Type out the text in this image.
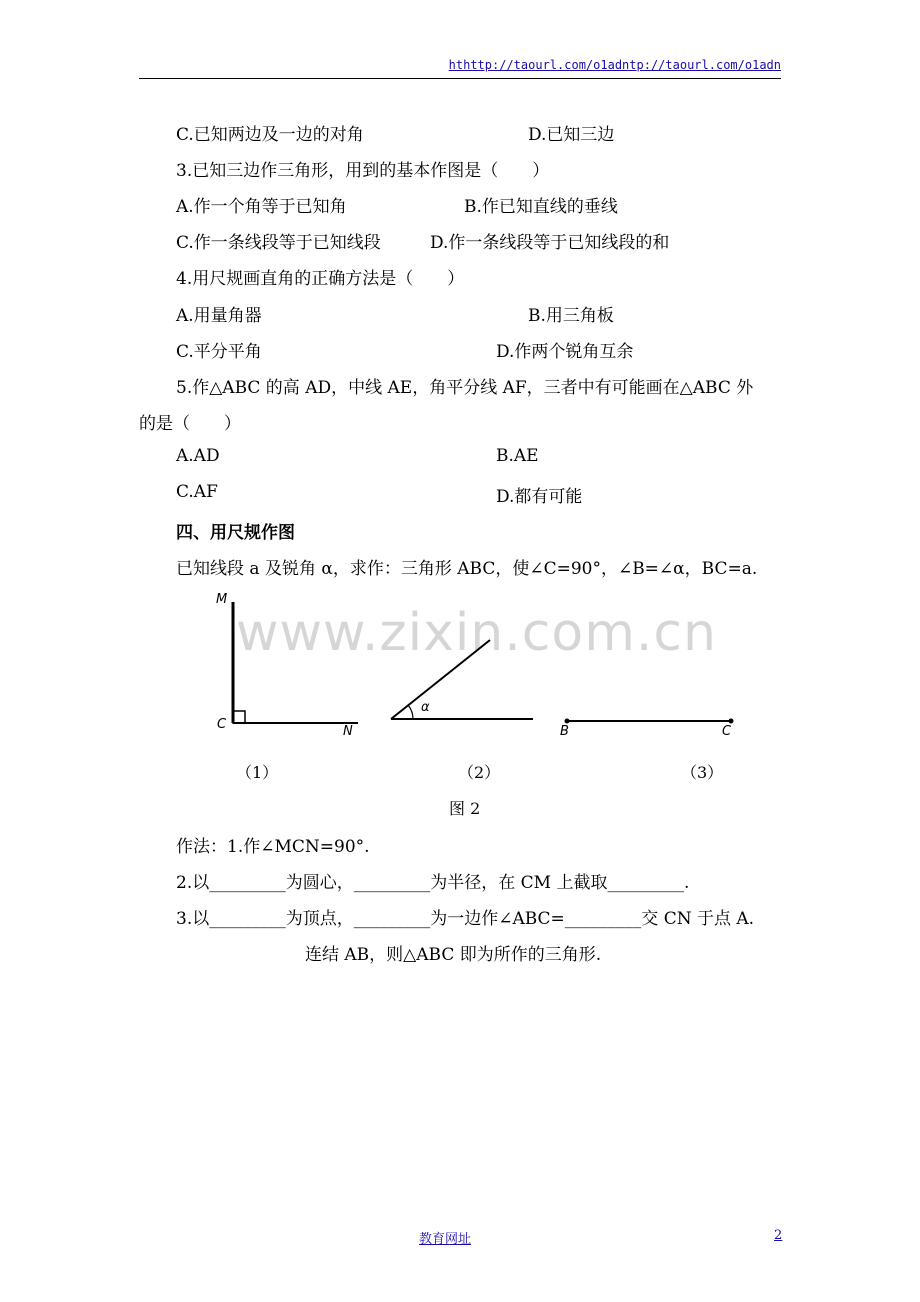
hthttp://taourl.com/o1adntp://taourl.com/o1adn
C.已知两边及一边的对角	D.已知三边
3.已知三边作三角形，用到的基本作图是（　　）
A.作一个角等于已知角	B.作已知直线的垂线
C.作一条线段等于已知线段	D.作一条线段等于已知线段的和
4.用尺规画直角的正确方法是（　　）
A.用量角器	B.用三角板
C.平分平角	D.作两个锐角互余
5.作△ABC 的高 AD，中线 AE，角平分线 AF，三者中有可能画在△ABC 外
的是（　　）
A.AD	B.AE
C.AF	D.都有可能
四、用尺规作图
已知线段 a 及锐角 α，求作：三角形 ABC，使∠C=90°，∠B=∠α，BC=a.
www.zixin.com.cn
M
C	N
α
B	C
（1）	（2）	（3）
图 2
作法：1.作∠MCN=90°.
2.以_________为圆心，_________为半径，在 CM 上截取_________.
3.以_________为顶点，_________为一边作∠ABC=_________交 CN 于点 A.
连结 AB，则△ABC 即为所作的三角形.
教育网址	2
